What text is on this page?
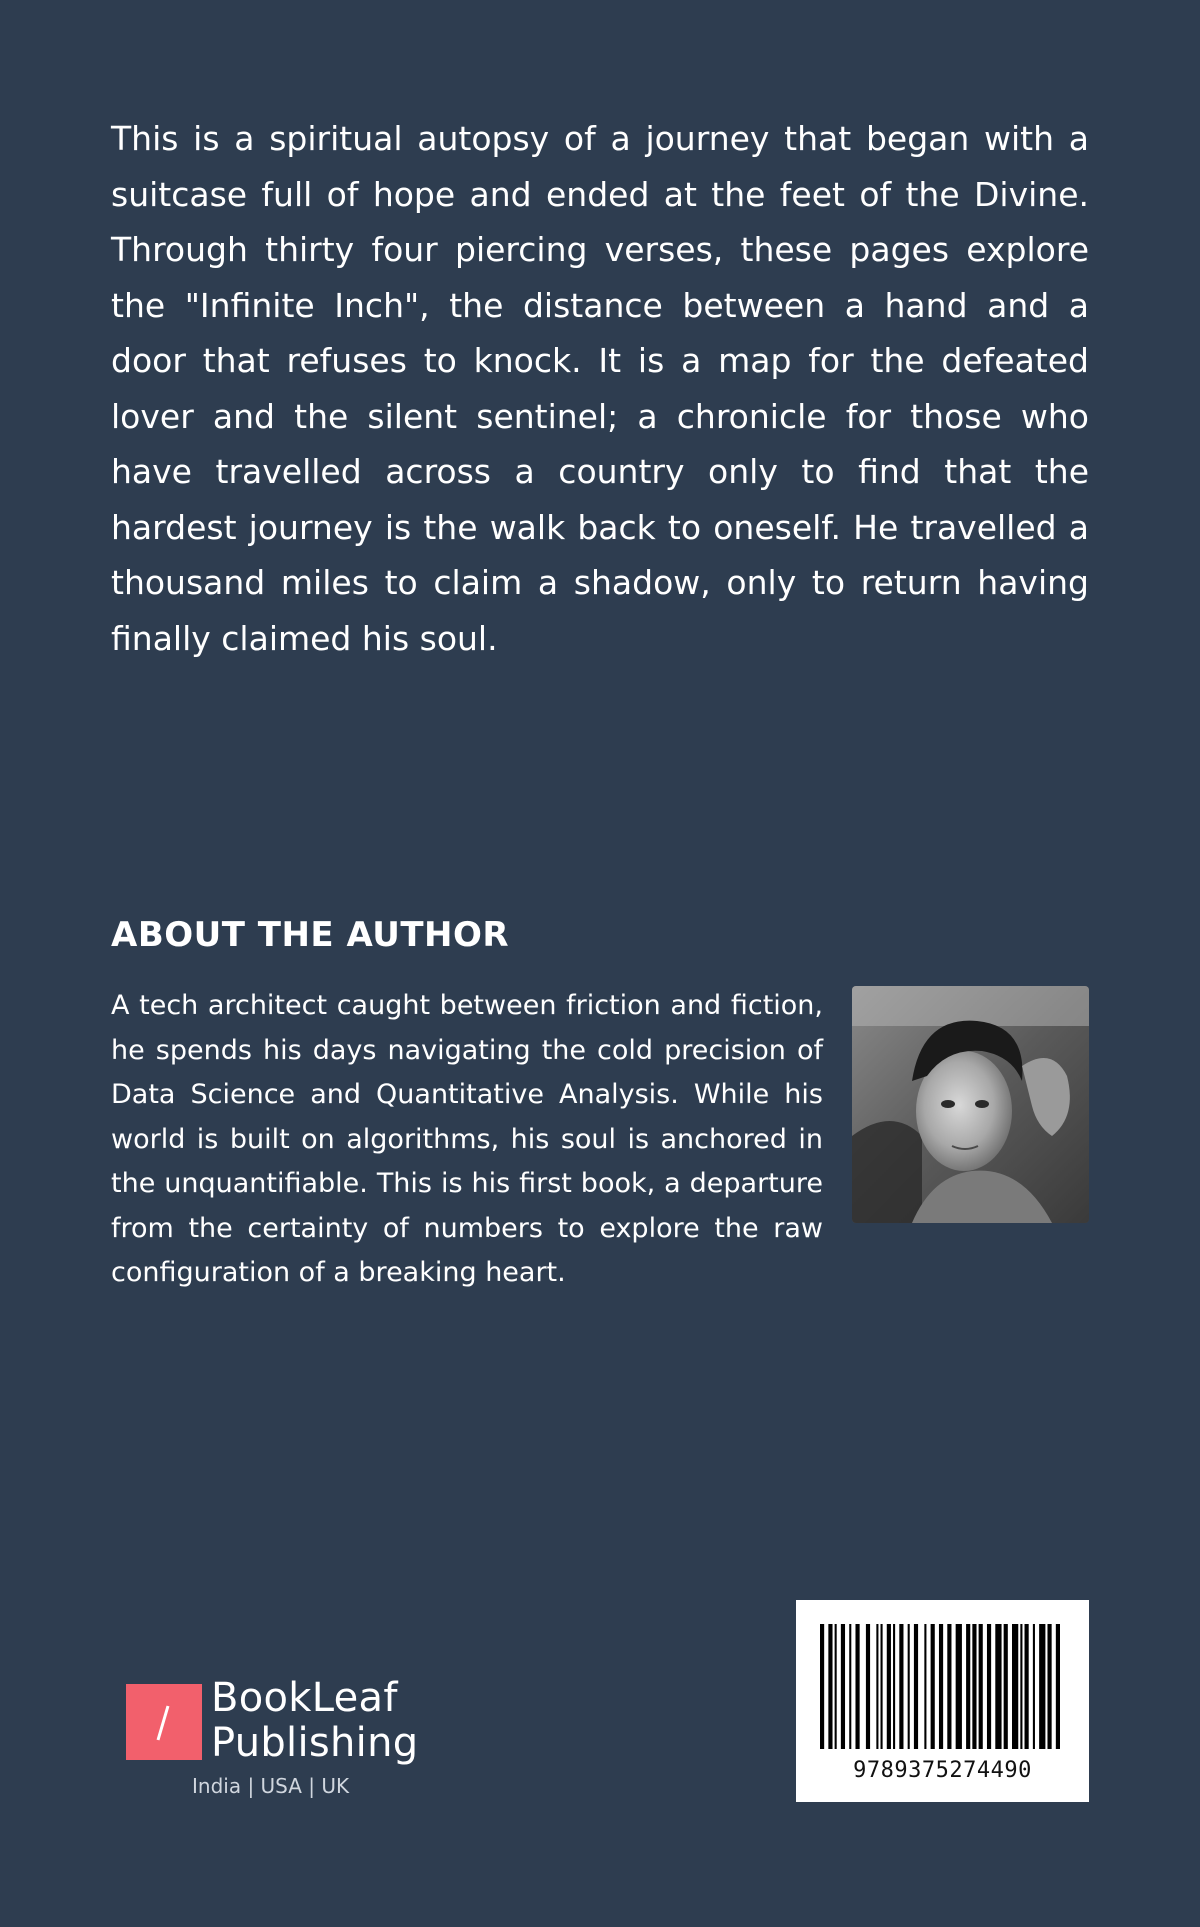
This is a spiritual autopsy of a journey that began with a suitcase full of hope and ended at the feet of the Divine. Through thirty four piercing verses, these pages explore the "Infinite Inch", the distance between a hand and a door that refuses to knock. It is a map for the defeated lover and the silent sentinel; a chronicle for those who have travelled across a country only to find that the hardest journey is the walk back to oneself. He travelled a thousand miles to claim a shadow, only to return having finally claimed his soul.

ABOUT THE AUTHOR

A tech architect caught between friction and fiction, he spends his days navigating the cold precision of Data Science and Quantitative Analysis. While his world is built on algorithms, his soul is anchored in the unquantifiable. This is his first book, a departure from the certainty of numbers to explore the raw configuration of a breaking heart.

BookLeaf
Publishing
India | USA | UK
9789375274490
